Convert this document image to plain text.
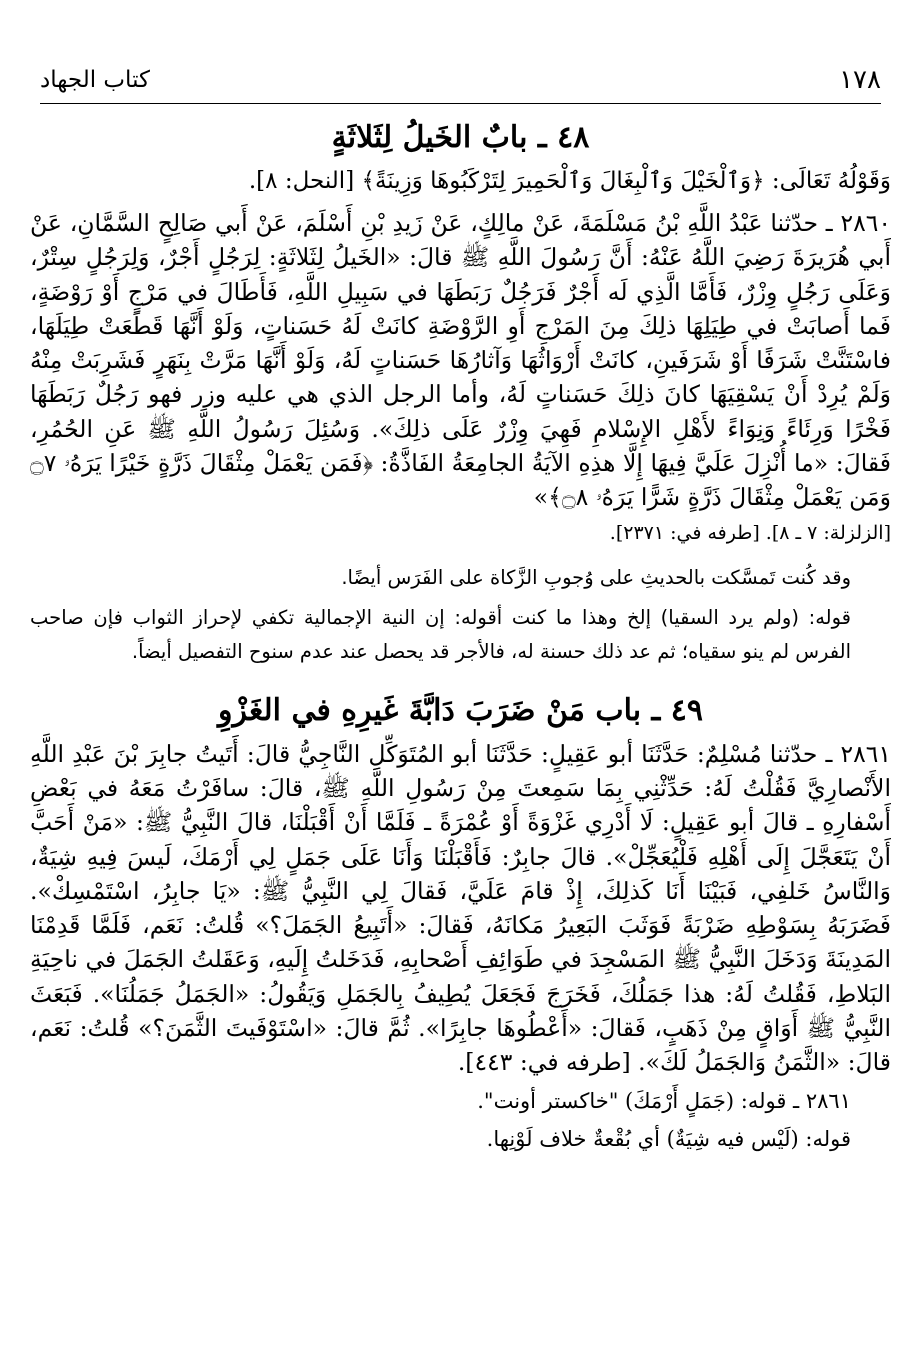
١٧٨
كتاب الجهاد
٤٨ ـ بابٌ الخَيلُ لِثَلاثَةٍ

وَقَوْلُهُ تَعَالَى: ﴿وَٱلْخَيْلَ وَٱلْبِغَالَ وَٱلْحَمِيرَ لِتَرْكَبُوهَا وَزِينَةً﴾ [النحل: ٨].

٢٨٦٠ ـ حدّثنا عَبْدُ اللَّهِ بْنُ مَسْلَمَةَ، عَنْ مالِكٍ، عَنْ زَيدِ بْنِ أَسْلَمَ، عَنْ أَبي صَالِحٍ السَّمَّانِ، عَنْ أَبي هُرَيرَةَ رَضِيَ اللَّهُ عَنْهُ: أَنَّ رَسُولَ اللَّهِ ﷺ قالَ: «الخَيلُ لِثَلاثَةٍ: لِرَجُلٍ أَجْرٌ، وَلِرَجُلٍ سِتْرٌ، وَعَلَى رَجُلٍ وِزْرٌ، فَأَمَّا الَّذِي لَه أَجْرٌ فَرَجُلٌ رَبَطَهَا في سَبِيلِ اللَّهِ، فَأَطَالَ في مَرْجٍ أَوْ رَوْضَةٍ، فَما أَصابَتْ في طِيَلِهَا ذلِكَ مِنَ المَرْجِ أَوِ الرَّوْضَةِ كانَتْ لَهُ حَسَناتٍ، وَلَوْ أَنَّهَا قَطَعَتْ طِيَلَهَا، فاسْتَنَّتْ شَرَفًا أَوْ شَرَفَينِ، كانَتْ أَرْوَاثُهَا وَآثارُهَا حَسَناتٍ لَهُ، وَلَوْ أَنَّهَا مَرَّتْ بِنَهَرٍ فَشَرِبَتْ مِنْهُ وَلَمْ يُرِدْ أَنْ يَسْقِيَهَا كانَ ذلِكَ حَسَناتٍ لَهُ، وأما الرجل الذي هي عليه وزر فهو رَجُلٌ رَبَطَهَا فَخْرًا وَرِئَاءً وَنِوَاءً لأَهْلِ الإِسْلامِ فَهِيَ وِزْرٌ عَلَى ذلِكَ». وَسُئِلَ رَسُولُ اللَّهِ ﷺ عَنِ الحُمُرِ، فَقالَ: «ما أُنْزِلَ عَلَيَّ فِيهَا إِلَّا هذِهِ الآيَةُ الجامِعَةُ الفَاذَّةُ: ﴿فَمَن يَعْمَلْ مِثْقَالَ ذَرَّةٍ خَيْرًا يَرَهُۥ ۝٧ وَمَن يَعْمَلْ مِثْقَالَ ذَرَّةٍ شَرًّا يَرَهُۥ ۝٨﴾»

[الزلزلة: ٧ ـ ٨]. [طرفه في: ٢٣٧١].

وقد كُنت تَمسَّكت بالحديثِ على وُجوبِ الزَّكاة على الفَرَس أيضًا.

قوله: (ولم يرد السقيا) إلخ وهذا ما كنت أقوله: إن النية الإجمالية تكفي لإحراز الثواب فإن صاحب الفرس لم ينو سقياه؛ ثم عد ذلك حسنة له، فالأجر قد يحصل عند عدم سنوح التفصيل أيضاً.

٤٩ ـ باب مَنْ ضَرَبَ دَابَّةَ غَيرِهِ في الغَزْوِ

٢٨٦١ ـ حدّثنا مُسْلِمٌ: حَدَّثَنَا أبو عَقِيلٍ: حَدَّثَنَا أبو المُتَوَكِّلِ النَّاجِيُّ قالَ: أَتَيتُ جابِرَ بْنَ عَبْدِ اللَّهِ الأَنْصارِيَّ فَقُلْتُ لَهُ: حَدِّثْنِي بِمَا سَمِعتَ مِنْ رَسُولِ اللَّهِ ﷺ، قالَ: سافَرْتُ مَعَهُ في بَعْضِ أَسْفارِهِ ـ قالَ أبو عَقِيلٍ: لَا أَدْرِي غَزْوَةً أَوْ عُمْرَةً ـ فَلَمَّا أَنْ أَقْبَلْنَا، قالَ النَّبِيُّ ﷺ: «مَنْ أَحَبَّ أَنْ يَتَعَجَّلَ إِلَى أَهْلِهِ فَلْيُعَجِّلْ». قالَ جابِرٌ: فَأَقْبَلْنَا وَأَنَا عَلَى جَمَلٍ لِي أَرْمَكَ، لَيسَ فِيهِ شِيَةٌ، وَالنَّاسُ خَلفِي، فَبَيْنَا أَنَا كَذلِكَ، إِذْ قامَ عَلَيَّ، فَقالَ لِي النَّبِيُّ ﷺ: «يَا جابِرُ، اسْتَمْسِكْ». فَضَرَبَهُ بِسَوْطِهِ ضَرْبَةً فَوَثَبَ البَعِيرُ مَكانَهُ، فَقالَ: «أَتَبِيعُ الجَمَلَ؟» قُلتُ: نَعَم، فَلَمَّا قَدِمْنَا المَدِينَةَ وَدَخَلَ النَّبِيُّ ﷺ المَسْجِدَ في طَوَائِفِ أَصْحابِهِ، فَدَخَلتُ إِلَيهِ، وَعَقَلتُ الجَمَلَ في ناحِيَةِ البَلاطِ، فَقُلتُ لَهُ: هذا جَمَلُكَ، فَخَرَجَ فَجَعَلَ يُطِيفُ بِالجَمَلِ وَيَقُولُ: «الجَمَلُ جَمَلُنَا». فَبَعَثَ النَّبِيُّ ﷺ أَوَاقٍ مِنْ ذَهَبٍ، فَقالَ: «أَعْطُوهَا جابِرًا». ثُمَّ قالَ: «اسْتَوْفَيتَ الثَّمَنَ؟» قُلتُ: نَعَم، قالَ: «الثَّمَنُ وَالجَمَلُ لَكَ». [طرفه في: ٤٤٣].

٢٨٦١ ـ قوله: (جَمَلٍ أَرْمَكَ) "خاكستر أونت".

قوله: (لَيْس فيه شِيَةٌ) أي بُقْعةٌ خلاف لَوْنِها.
